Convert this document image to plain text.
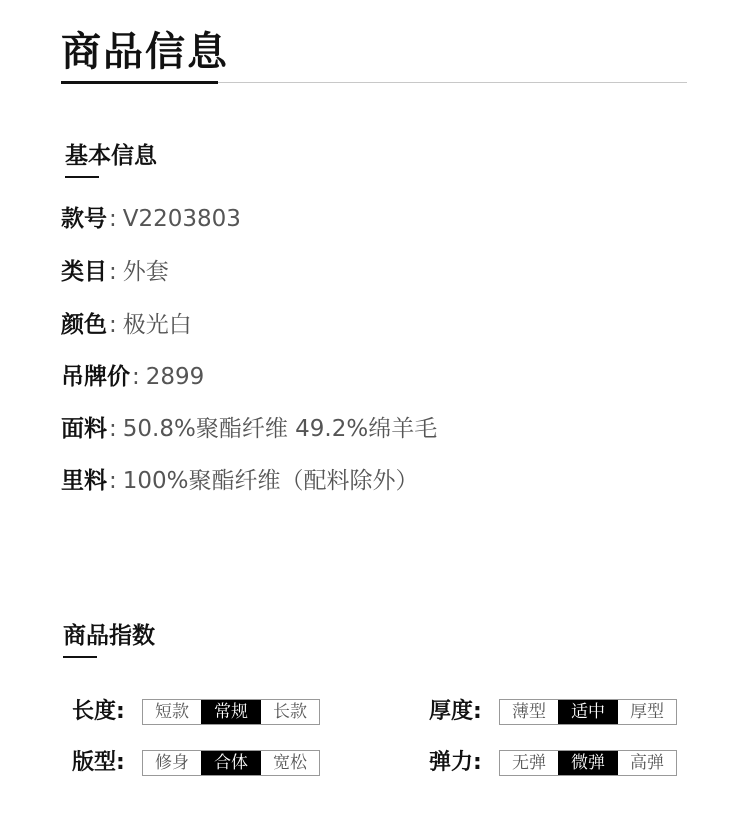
商品信息
基本信息
款号: V2203803
类目: 外套
颜色: 极光白
吊牌价: 2899
面料: 50.8%聚酯纤维 49.2%绵羊毛
里料: 100%聚酯纤维（配料除外）
商品指数
长度:	短款	常规	长款	厚度:	薄型	适中	厚型
版型:	修身	合体	宽松	弹力:	无弹	微弹	高弹
